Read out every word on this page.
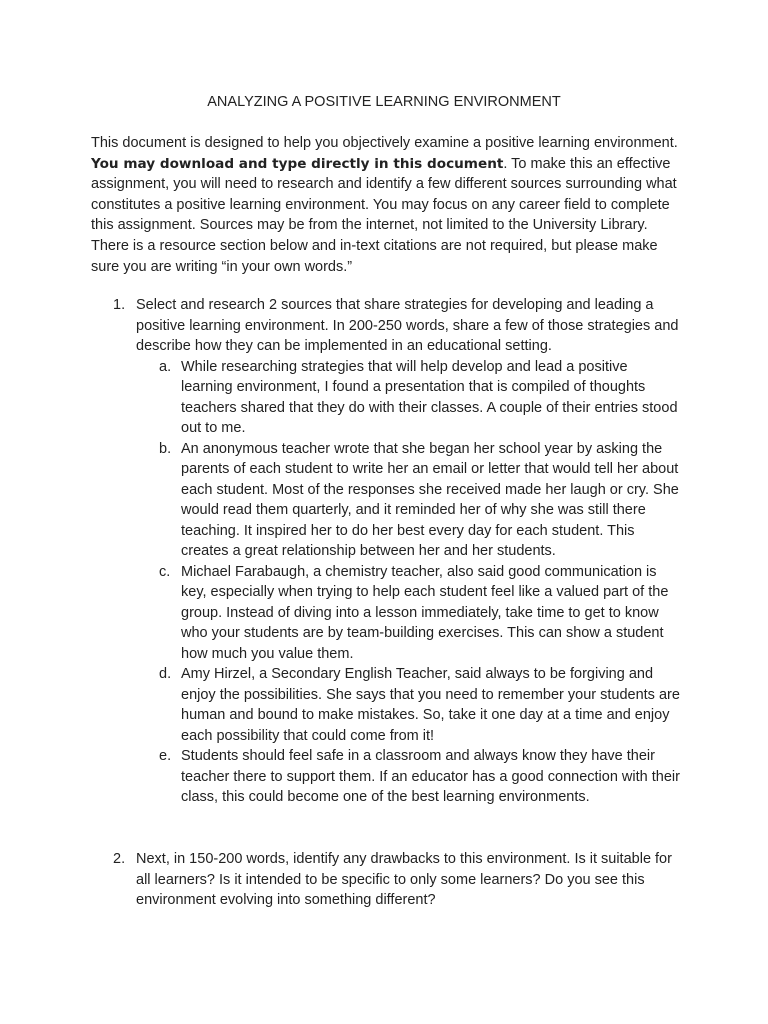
ANALYZING A POSITIVE LEARNING ENVIRONMENT

This document is designed to help you objectively examine a positive learning environment. You may download and type directly in this document. To make this an effective assignment, you will need to research and identify a few different sources surrounding what constitutes a positive learning environment. You may focus on any career field to complete this assignment. Sources may be from the internet, not limited to the University Library. There is a resource section below and in-text citations are not required, but please make sure you are writing “in your own words.”

1. Select and research 2 sources that share strategies for developing and leading a positive learning environment. In 200-250 words, share a few of those strategies and describe how they can be implemented in an educational setting.
a. While researching strategies that will help develop and lead a positive learning environment, I found a presentation that is compiled of thoughts teachers shared that they do with their classes. A couple of their entries stood out to me.
b. An anonymous teacher wrote that she began her school year by asking the parents of each student to write her an email or letter that would tell her about each student. Most of the responses she received made her laugh or cry. She would read them quarterly, and it reminded her of why she was still there teaching. It inspired her to do her best every day for each student. This creates a great relationship between her and her students.
c. Michael Farabaugh, a chemistry teacher, also said good communication is key, especially when trying to help each student feel like a valued part of the group. Instead of diving into a lesson immediately, take time to get to know who your students are by team-building exercises. This can show a student how much you value them.
d. Amy Hirzel, a Secondary English Teacher, said always to be forgiving and enjoy the possibilities. She says that you need to remember your students are human and bound to make mistakes. So, take it one day at a time and enjoy each possibility that could come from it!
e. Students should feel safe in a classroom and always know they have their teacher there to support them. If an educator has a good connection with their class, this could become one of the best learning environments.
2. Next, in 150-200 words, identify any drawbacks to this environment. Is it suitable for all learners? Is it intended to be specific to only some learners? Do you see this environment evolving into something different?
